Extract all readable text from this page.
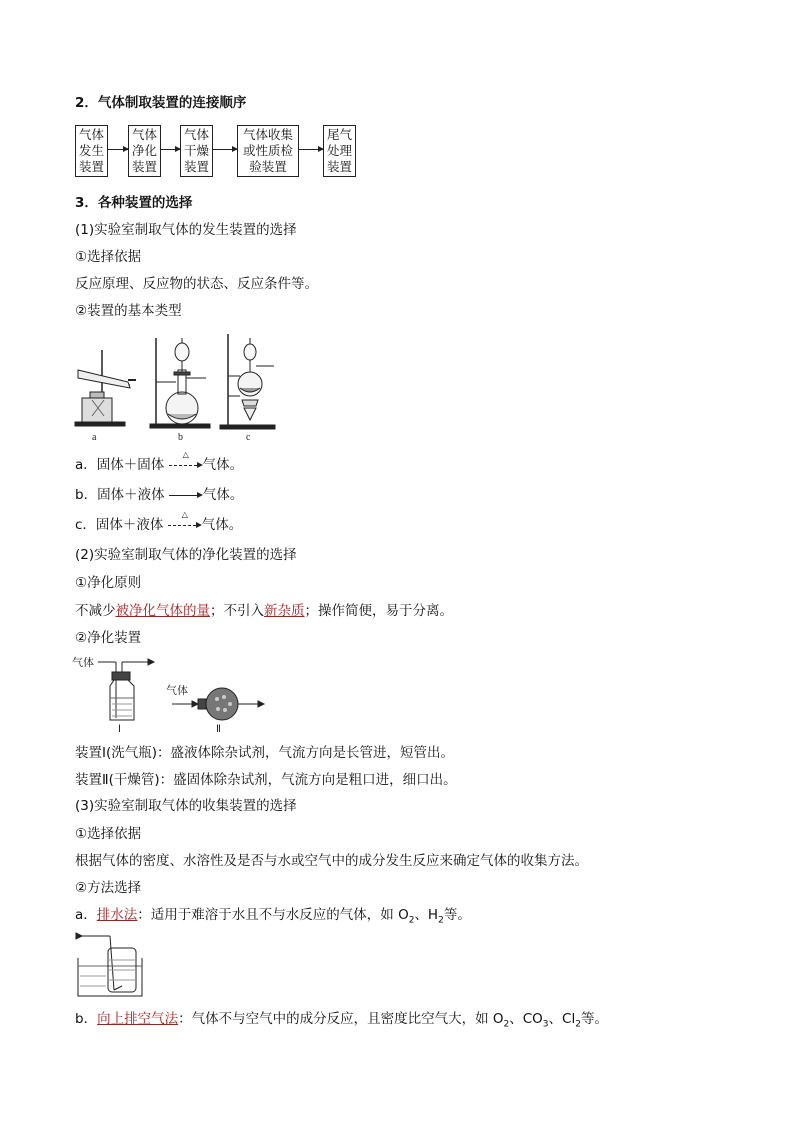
2．气体制取装置的连接顺序
气体
发生
装置
气体
净化
装置
气体
干燥
装置
气体收集
或性质检
验装置
尾气
处理
装置
3．各种装置的选择
(1)实验室制取气体的发生装置的选择
①选择依据
反应原理、反应物的状态、反应条件等。
②装置的基本类型
a	b	c
a．固体＋固体
△
气体。
b．固体＋液体	气体。
c．固体＋液体
△
气体。
(2)实验室制取气体的净化装置的选择
①净化原则
不减少被净化气体的量；不引入新杂质；操作简便，易于分离。
②净化装置
气体
气体
Ⅰ	Ⅱ
装置Ⅰ(洗气瓶)：盛液体除杂试剂，气流方向是长管进，短管出。
装置Ⅱ(干燥管)：盛固体除杂试剂，气流方向是粗口进，细口出。
(3)实验室制取气体的收集装置的选择
①选择依据
根据气体的密度、水溶性及是否与水或空气中的成分发生反应来确定气体的收集方法。
②方法选择
a．排水法：适用于难溶于水且不与水反应的气体，如 $O_2$、$H_2$等。
b．向上排空气法：气体不与空气中的成分反应，且密度比空气大，如 $O_2$、$CO_3$、$Cl_2$等。
